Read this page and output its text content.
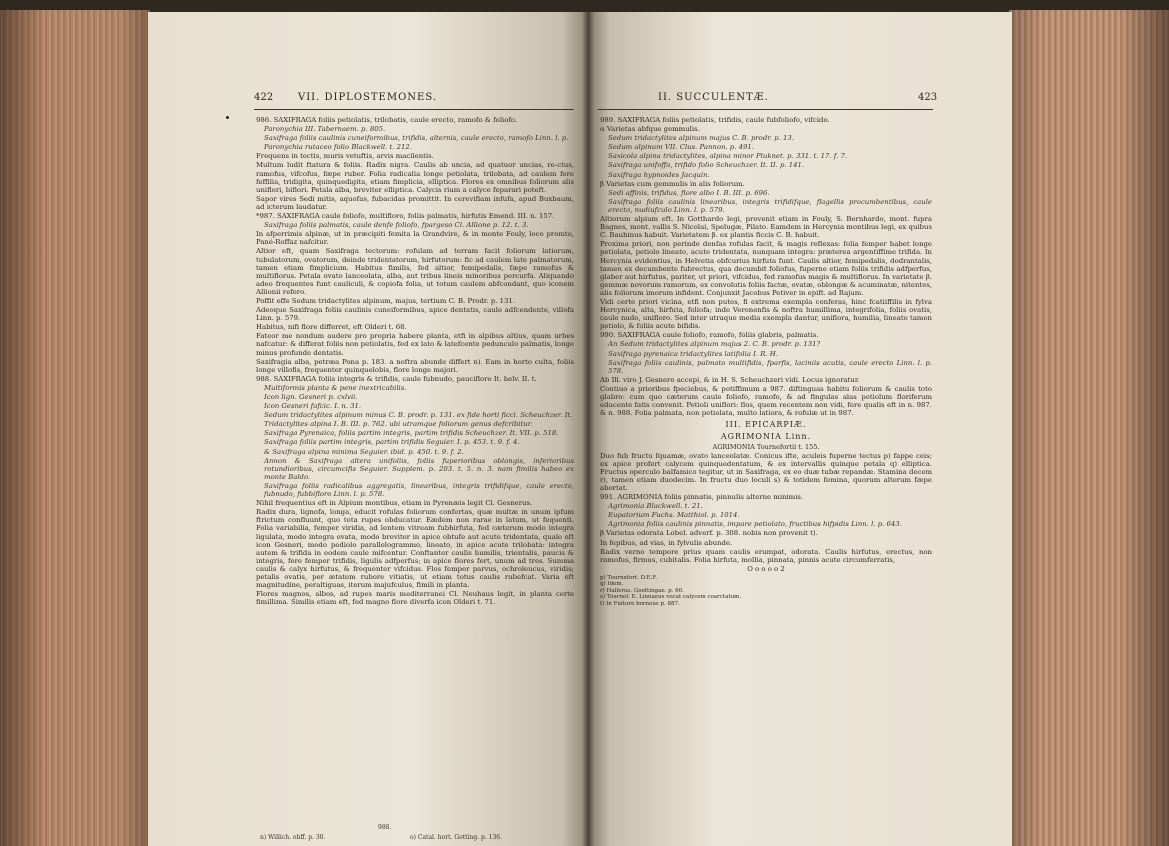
422 VII. DIPLOSTEMONES.

986. SAXIFRAGA foliis petiolatis, trilobatis, caule erecto, ramofo & foliofo.

Paronychia III. Tabernaem. p. 805.

Saxifraga foliis caulinis cuneiformibus, trifidis, alternis, caule erecto, ramofo Linn. l. p.

Paronychia rutaceo folio Blackwell. t. 212.

Frequens in tectis, muris vetuftis, arvis macilentis.

Multum ludit ftatura & foliis. Radix nigra. Caulis ab uncia, ad quatuor uncias, re-ctus, ramofus, vifcofus, fæpe ruber. Folia radicalia longe petiolata, trilobata, ad caulem fere feffilia, tridigita, quinquedigita, etiam fimplicia, elliptica. Flores ex omnibus foliorum alis uniflori, biflori. Petala alba, breviter elliptica. Calycis rium a calyce feparari poteft.

Sapor vires Sedi mitis, aquofas, fubacidas promittit. In cerevifiam infufa, apud Buxbaum, ad icterum laudatur.

*987. SAXIFRAGA caule foliofo, multifloro, foliis palmatis, hirfutis Emend. III. n. 157.

Saxifraga foliis palmatis, caule denfe foliofo, fpargeso Cl. Allione p. 12. t. 3.

In afperrimis alpinæ, ut in præcipiti femita la Grandvire, & in monte Fouly, loco promto, Pané-Roffaz nafcitur.

Altior eft, quam Saxifraga tectorum: rofulam ad terram facit foliorum latiorum, tubulatorum, ovatorum, deinde tridentatorum, hirfutorum: fic ad caulem late palmatorum, tamen etiam fimplicium. Habitus fimilis, fed altior, femipedalis, fæpe ramofus & multiflorus. Petala ovato lanceolata, alba, aut tribus lineis minoribus percurfa. Aliquando adeo frequentes funt cauliculi, & copiofa folia, ut totum caulem abfcondant, quo iconem Allionii refero.

Poffit effe Sedum tridactylites alpinum, majus, tertium C. B. Prodr. p. 131.

Adeoque Saxifraga foliis caulinis cuneiformibus, apice dentatis, caule adfcendente, villofa Linn. p. 579.

Habitus, nifi flore differret, eft Olderi t. 68.

Fateor me nondum audere pro propria habere planta, etfi in alpibus altius, quam urbes nafcatur: & differat foliis non petiolatis, fed ex lato & latefcente pedunculo palmatis, longe minus profunde dentatis.

Saxifragia alba, petræa Pona p. 183. a noftra abunde differt n). Eam in horto culta, foliis longe villofis, frequenter quinquelobis, flore longe majori.

988. SAXIFRAGA foliis integris & trifidis, caule fubnudo, paucifloro It. helv. II. t.

Multiformis planta & pene inextricabilis.

Icon lign. Gesneri p. cxlvii.

Icon Gesneri fafcic. I. n. 31.

Sedum tridactylites alpinum minus C. B. prodr. p. 131. ex fide horti ficci. Scheuchzer. It.

Tridactylites alpina I. B. III. p. 762. ubi utramque foliorum genus defcribitur.

Saxifraga Pyrenaica, foliis partim integris, partim trifidis Scheuchzer. It. VII. p. 518.

Saxifraga foliis partim integris, partim trifidis Seguier. I. p. 453. t. 9. f. 4.

& Saxifraga alpina minima Seguier. ibid. p. 450. t. 9. f. 2.

Annon & Saxifraga altera unifoliis, foliis fuperioribus oblongis, inferioribus rotundioribus, circumcifis Seguier. Supplem. p. 203. t. 5. n. 3. nam fimilis habeo ex monte Baldo.

Saxifraga foliis radicalibus aggregatis, linearibus, integris trifidifque, caule erecto, fubnudo, fubbifloro Linn. l. p. 578.

Nihil frequentius eft in Alpium montibus, etiam in Pyrenæis legit Cl. Gesnerus.

Radix dura, lignofa, longa, educit rofulas foliorum confertas, quæ multæ in unum ipfum ftrictum confluunt, quo tota rupes obducatur. Eædem non rarae in latum, ut fequenti. Folia variabilia, femper viridia, ad lentem vitream fubhirfuta, fed cæterum modo integra ligulata, modo integra ovata, modo breviter in apice obtufe aut acute tridentata, quale eft icon Gesneri, modo pediolo parallelogrammo, lineato, in apice acute trilobata: integra autem & trifida in eodem caule mifcentur. Conftanter caulis humilis, trientalis, paucis & integris, fere femper trifidis, ligulis adfperfus; in apice flores fert, unum ad tres. Summa caulis & calyx hirfutus, & frequenter vifcidus. Flos femper parvus, ochroleucus, viridis; petalis ovatis, per ætatem rubore vitiatis, ut etiam totus caulis rubefcat. Varia eft magnitudine, peraltiguas, iterum majufculus, fimili in planta.

Flores magnos, albos, ad rupes maris mediterranei Cl. Neuhaus legit, in planta certe fimillima. Similis etiam eft, fed magno flore diverfa icon Olderi t. 71.

988.
n) Willich. obff. p. 30.	o) Catal. hort. Gotting. p. 136.
II. SUCCULENTÆ.	423

989. SAXIFRAGA foliis petiolatis, trifidis, caule fubfoliofo, vifcido.

α Varietas abfque gemmulis.

Sedum tridactylites alpinum majus C. B. prodr. p. 13.

Sedum alpinum VII. Clus. Pannon. p. 491.

Saxicola alpina tridactylites, alpina minor Pluknet. p. 331. t. 17. f. 7.

Saxifraga unifoffa, trifido folio Scheuchzer. It. II. p. 141.

Saxifraga hypnoides Jacquin.

β Varietas cum gemmulis in alis foliorum.

Sedi affinis, trifidus, flore albo I. B. III. p. 696.

Saxifraga foliis caulinis linearibus, integris trifidifque, flagellis procumbentibus, caule erecto, nudiufculo Linn. l. p. 579.

Altiorum alpium eft. In Gotthardo legi, provenit etiam in Fouly, S. Bernhardo, mont. fupra Bagnes, mont. vallis S. Nicolai, Spelugæ, Pilato. Eamdem in Hercynia montibus legi, ex quibus C. Bauhinus habuit. Varietatem β. ex plantis ficcis C. B. habuit.

Proxima priori, non perinde denfas rofulas facit, & magis reflexas: folia femper habet longe petiolata, petiolo lineato, acute tridentata, nunquam integra: præterea argentiffime trifida. In Hercynia evidentius, in Helvetia obfcurius hirfuta funt. Caulis altior, femipedalis, dodrantalis, tamen ex decumbente fubrectus, qua decumbit foliofus, fuperne etiam foliis trifidis adfperfus, glaber aut hirfutus, pariter, ut priori, vifcidus, fed ramofus magis & multiflorus. In varietate β. gemmæ novorum ramorum, ex convolutis foliis factæ, ovatæ, oblongæ & acuminatæ, nitentes, alis foliorum imorum infident. Conjunxit Jacobus Petiver in epift. ad Rajum.

Vidi certe priori vicina, etfi non putes, fi extrema exempla conferas, hinc fcatiiffilis in fylva Hercynica, alta, hirfuta, foliofa; inde Veronenfis & noftra humillima, integrifolia, foliis ovatis, caule nudo, unifloro. Sed inter utraque media exempla dantur, uniflora, humilia, lineato tamen petiolo, & foliis acute bifidis.

990. SAXIFRAGA caule foliofo, ramofo, foliis glabris, palmatis.

An Sedum tridactylites alpinum majus 2. C. B. prodr. p. 131?

Saxifraga pyrenaica tridactylites latifolia I. R. H.

Saxifraga foliis caulinis, palmato multifidis, fparfis, laciniis acutis, caule erecto Linn. l. p. 578.

Ab Ill. viro J. Gesnero accepi, & in H. S. Scheuchzeri vidi. Locus ignoratur.

Contiuo a prioribus fpeciebus, & potiffimum a 987. diftinguas habitu foliorum & caulis toto glabro: cum quo cæterum caule foliofo, ramofo, & ad fingulas alas petiolum floriferum educente fatis convenit. Petioli uniflori: flos, quem recentem non vidi, fere qualis eft in n. 987. & n. 988. Folia palmata, non petiolata, multo latiora, & rofulæ ut in 987.

III. EPICARPIÆ.
AGRIMONIA Linn.
AGRIMONIA Tournefortii t. 155.

Duo fub fructu fquamæ, ovato lanceolatæ. Conicus ifte, aculeis fuperne tectus p) fappe ceis; ex apice profert calycem quinquedentatum, & ex intervallis quinque petala q) elliptica. Fructus operculo balfamico tegitur, ut in Saxifraga, ex eo duæ tubæ repandæ. Stamina decem r), tamen etiam duodecim. In fructu duo loculi s) & totidem femina, quorum alterum fæpe abortat.

991. AGRIMONIA foliis pinnatis, pinnulis alterne minimis.

Agrimonia Blackwell. t. 21.

Eupatorium Fuchs. Matthiol. p. 1014.

Agrimonia foliis caulinis pinnatis, impare petiolato, fructibus hifpidis Linn. l. p. 643.

β Varietas odorata Lobel. adverf. p. 308. nobis non provenit t).

In fepibus, ad vias, in fylvulis abunde.

Radix verno tempore prius quam caulis erumpat, odorata. Caulis hirfutus, erectus, non ramofus, firmus, cubitalis. Folia hirfuta, mollia, pinnata, pinnis acute circumferratis,

O o o o o 2
p) Tournefort. D.E.F.
q) Idem.
r) Hallerus. Goettingae. p. 60.
s) Tournef. E. Linnaeus vocat calycem coarctatum.
t) In Fuiture borneus p. 887.
